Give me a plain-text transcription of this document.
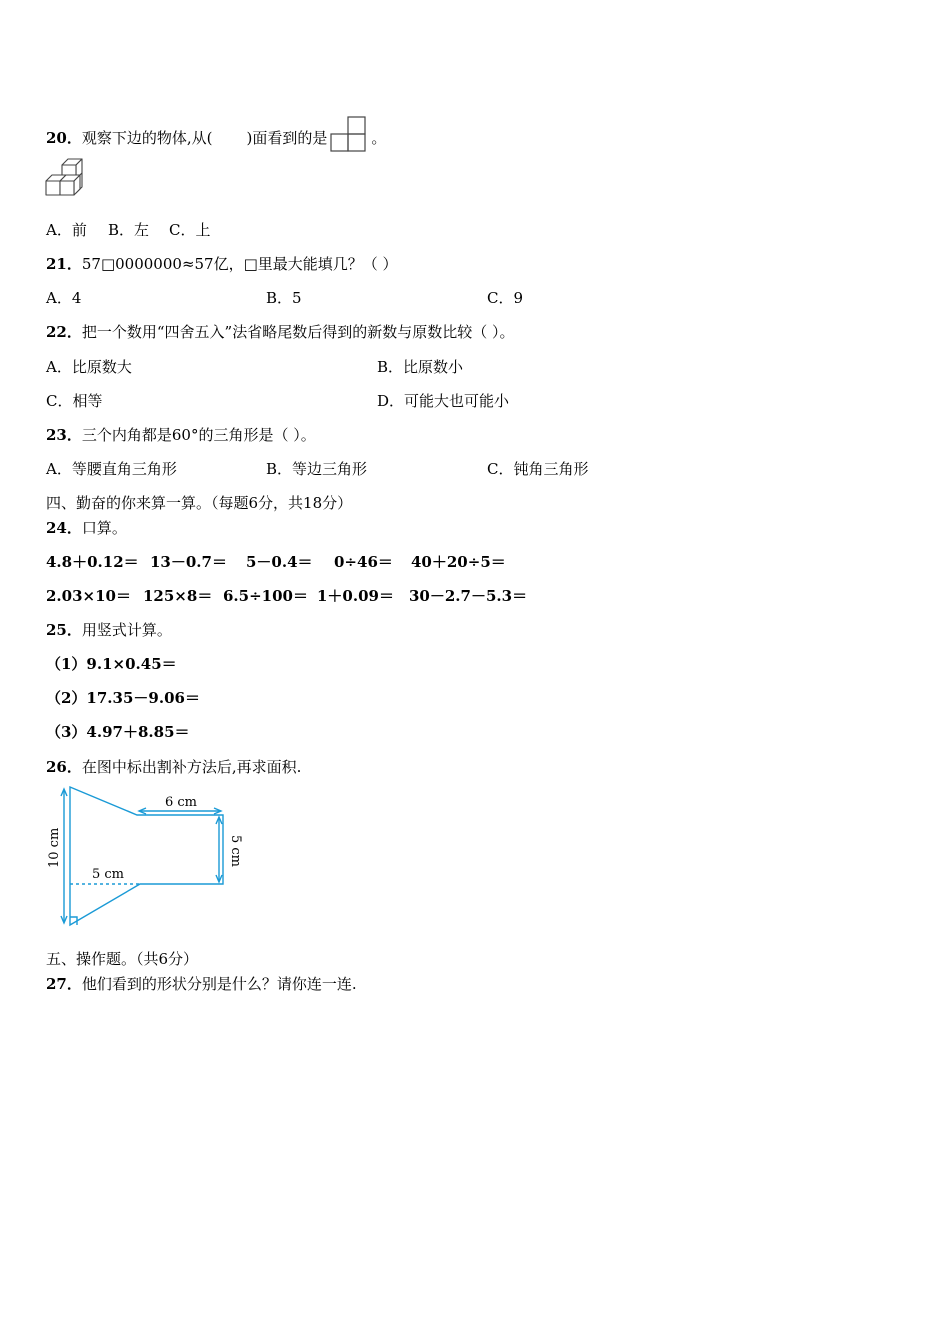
20．观察下边的物体,从( )面看到的是	。
A．前 B．左 C．上
21．57□0000000≈57亿，□里最大能填几？（ ）
A．4	B．5	C．9
22．把一个数用“四舍五入”法省略尾数后得到的新数与原数比较（ ）。
A．比原数大	B．比原数小
C．相等	D．可能大也可能小
23．三个内角都是60°的三角形是（ ）。
A．等腰直角三角形	B．等边三角形	C．钝角三角形
四、勤奋的你来算一算。（每题6分，共18分）
24．口算。
4.8＋0.12＝ 13－0.7＝ 5－0.4＝ 0÷46＝ 40＋20÷5＝
2.03×10＝ 125×8＝ 6.5÷100＝ 1＋0.09＝ 30－2.7－5.3＝
25．用竖式计算。
（1）9.1×0.45＝
（2）17.35－9.06＝
（3）4.97＋8.85＝
26．在图中标出割补方法后,再求面积.
6 cm
5 cm
5 cm
10 cm
五、操作题。（共6分）
27．他们看到的形状分别是什么？请你连一连.
